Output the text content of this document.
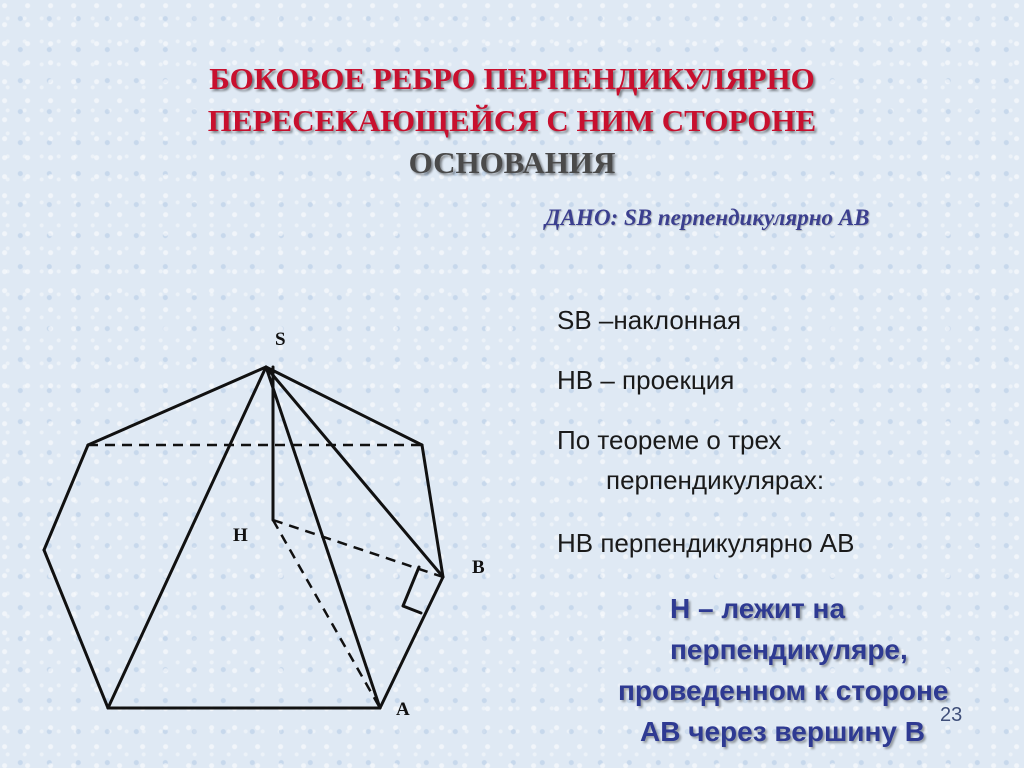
БОКОВОЕ РЕБРО ПЕРПЕНДИКУЛЯРНО
ПЕРЕСЕКАЮЩЕЙСЯ С НИМ СТОРОНЕ
ОСНОВАНИЯ
ДАНО: SB перпендикулярно AB
S
H
B
A
SB –наклонная
HB – проекция
По теореме о трех
перпендикулярах:
HB перпендикулярно AB
H – лежит на
перпендикуляре,
проведенном к стороне
AB через вершину B
23
